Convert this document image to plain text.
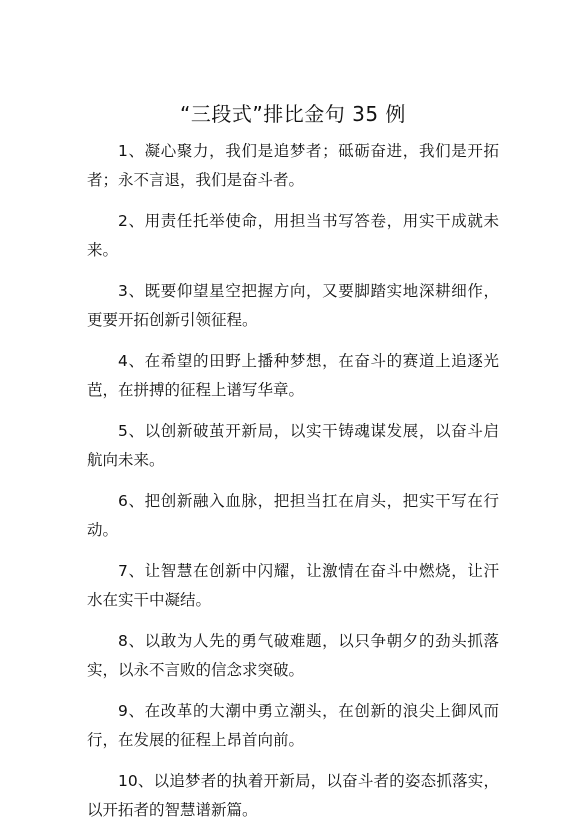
“三段式”排比金句 35 例

1、凝心聚力，我们是追梦者；砥砺奋进，我们是开拓者；永不言退，我们是奋斗者。

2、用责任托举使命，用担当书写答卷，用实干成就未来。

3、既要仰望星空把握方向，又要脚踏实地深耕细作，更要开拓创新引领征程。

4、在希望的田野上播种梦想，在奋斗的赛道上追逐光芭，在拼搏的征程上谱写华章。

5、以创新破茧开新局，以实干铸魂谋发展，以奋斗启航向未来。

6、把创新融入血脉，把担当扛在肩头，把实干写在行动。

7、让智慧在创新中闪耀，让激情在奋斗中燃烧，让汗水在实干中凝结。

8、以敢为人先的勇气破难题，以只争朝夕的劲头抓落实，以永不言败的信念求突破。

9、在改革的大潮中勇立潮头，在创新的浪尖上御风而行，在发展的征程上昂首向前。

10、以追梦者的执着开新局，以奋斗者的姿态抓落实，以开拓者的智慧谱新篇。
